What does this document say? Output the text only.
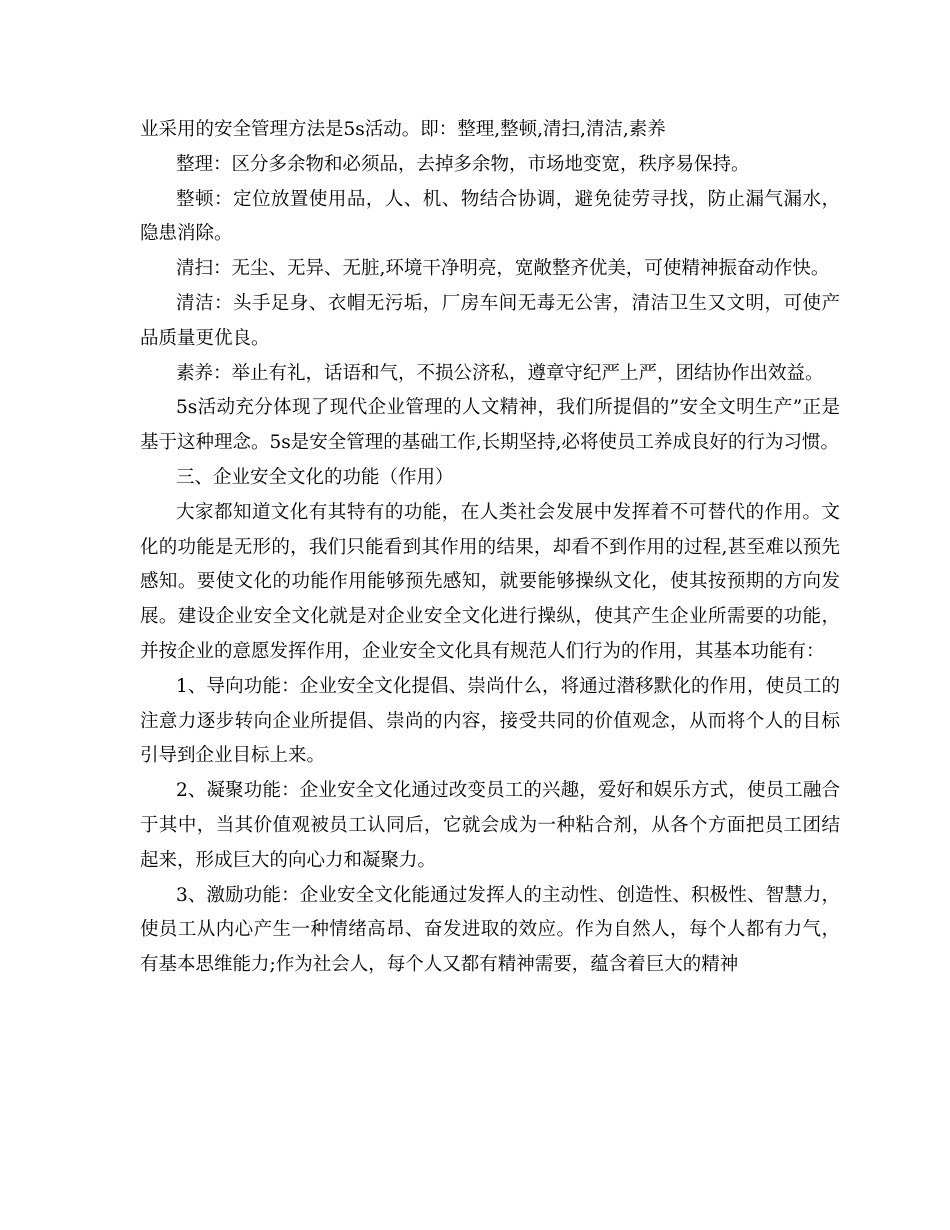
业采用的安全管理方法是5s活动。即：整理,整顿,清扫,清洁,素养

整理：区分多余物和必须品，去掉多余物，市场地变宽，秩序易保持。

整顿：定位放置使用品，人、机、物结合协调，避免徒劳寻找，防止漏气漏水，隐患消除。

清扫：无尘、无异、无脏,环境干净明亮，宽敞整齐优美，可使精神振奋动作快。

清洁：头手足身、衣帽无污垢，厂房车间无毒无公害，清洁卫生又文明，可使产品质量更优良。

素养：举止有礼，话语和气，不损公济私，遵章守纪严上严，团结协作出效益。

5s活动充分体现了现代企业管理的人文精神，我们所提倡的”安全文明生产”正是基于这种理念。5s是安全管理的基础工作,长期坚持,必将使员工养成良好的行为习惯。

三、企业安全文化的功能（作用）

大家都知道文化有其特有的功能，在人类社会发展中发挥着不可替代的作用。文化的功能是无形的，我们只能看到其作用的结果，却看不到作用的过程,甚至难以预先感知。要使文化的功能作用能够预先感知，就要能够操纵文化，使其按预期的方向发展。建设企业安全文化就是对企业安全文化进行操纵，使其产生企业所需要的功能，并按企业的意愿发挥作用，企业安全文化具有规范人们行为的作用，其基本功能有：

1、导向功能：企业安全文化提倡、崇尚什么，将通过潜移默化的作用，使员工的注意力逐步转向企业所提倡、崇尚的内容，接受共同的价值观念，从而将个人的目标引导到企业目标上来。

2、凝聚功能：企业安全文化通过改变员工的兴趣，爱好和娱乐方式，使员工融合于其中，当其价值观被员工认同后，它就会成为一种粘合剂，从各个方面把员工团结起来，形成巨大的向心力和凝聚力。

3、激励功能：企业安全文化能通过发挥人的主动性、创造性、积极性、智慧力，使员工从内心产生一种情绪高昂、奋发进取的效应。作为自然人，每个人都有力气，有基本思维能力;作为社会人，每个人又都有精神需要，蕴含着巨大的精神
